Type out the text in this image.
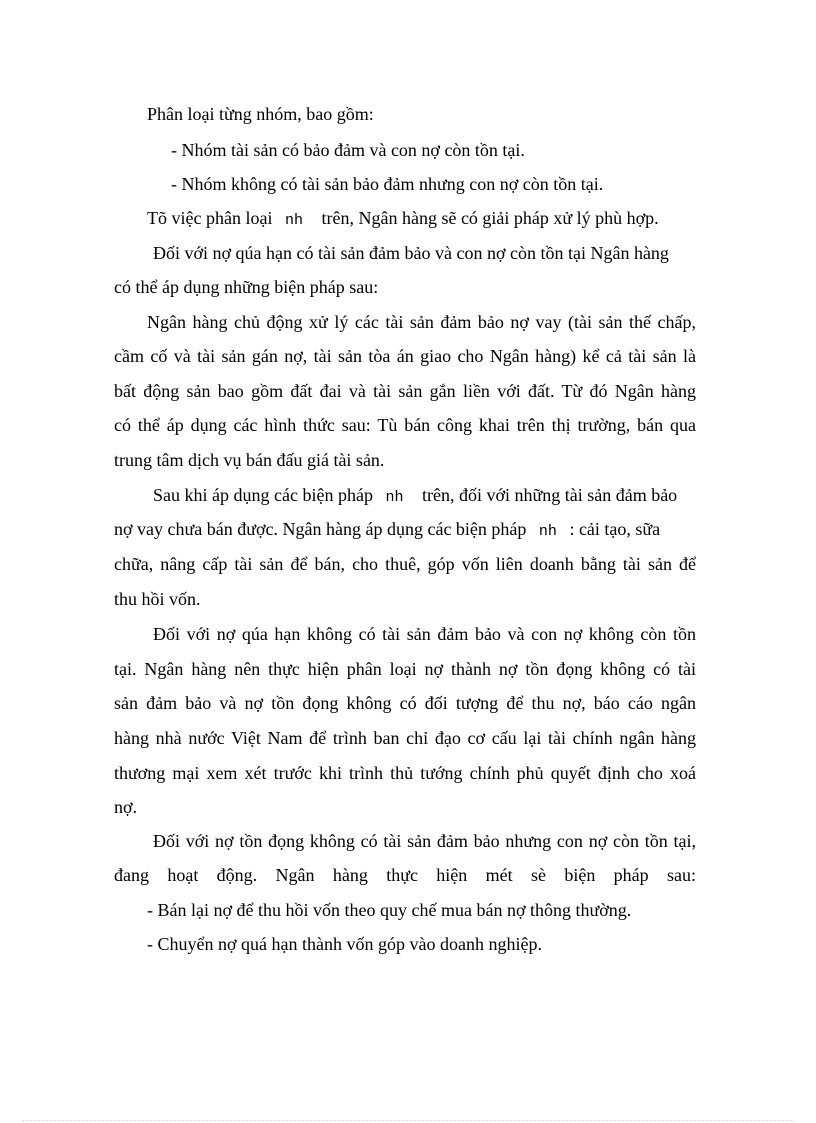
Phân loại từng nhóm, bao gồm:
- Nhóm tài sản có bảo đảm và con nợ còn tồn tại.
- Nhóm không có tài sản bảo đảm nhưng con nợ còn tồn tại.
Tõ việc phân loại nh trên, Ngân hàng sẽ có giải pháp xử lý phù hợp.
Đối với nợ qúa hạn có tài sản đảm bảo và con nợ còn tồn tại Ngân hàng
có thể áp dụng những biện pháp sau:
Ngân hàng chủ động xử lý các tài sản đảm bảo nợ vay (tài sản thế chấp,
cầm cố và tài sản gán nợ, tài sản tòa án giao cho Ngân hàng) kể cả tài sản là
bất động sản bao gồm đất đai và tài sản gắn liền với đất. Từ đó Ngân hàng
có thể áp dụng các hình thức sau: Tù bán công khai trên thị trường, bán qua
trung tâm dịch vụ bán đấu giá tài sản.
Sau khi áp dụng các biện pháp nh trên, đối với những tài sản đảm bảo
nợ vay chưa bán được. Ngân hàng áp dụng các biện pháp nh : cải tạo, sữa
chữa, nâng cấp tài sản để bán, cho thuê, góp vốn liên doanh bằng tài sản để
thu hồi vốn.
Đối với nợ qúa hạn không có tài sản đảm bảo và con nợ không còn tồn
tại. Ngân hàng nên thực hiện phân loại nợ thành nợ tồn đọng không có tài
sản đảm bảo và nợ tồn đọng không có đối tượng để thu nợ, báo cáo ngân
hàng nhà nước Việt Nam để trình ban chỉ đạo cơ cấu lại tài chính ngân hàng
thương mại xem xét trước khi trình thủ tướng chính phủ quyết định cho xoá
nợ.
Đối với nợ tồn đọng không có tài sản đảm bảo nhưng con nợ còn tồn tại,
đang hoạt động. Ngân hàng thực hiện mét sè biện pháp sau:
- Bán lại nợ để thu hồi vốn theo quy chế mua bán nợ thông thường.
- Chuyển nợ quá hạn thành vốn góp vào doanh nghiệp.
